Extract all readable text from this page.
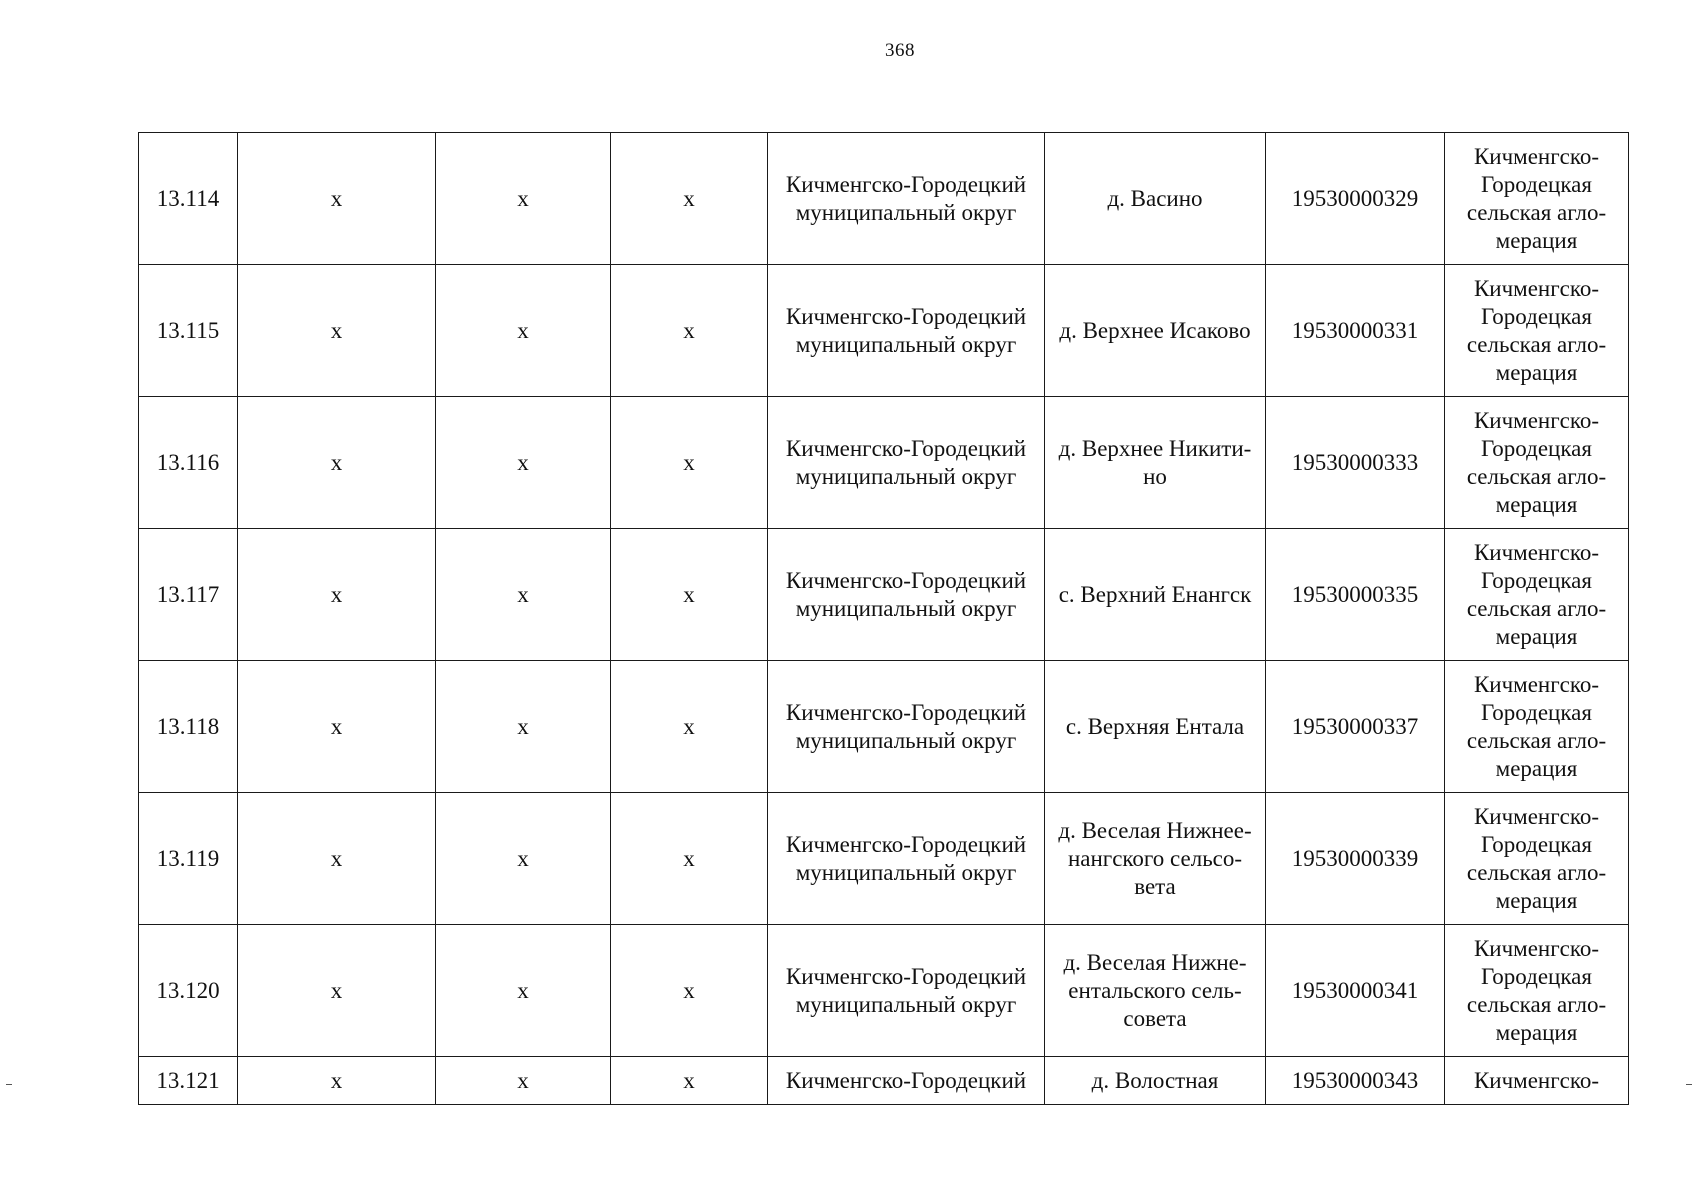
368
13.114	x	x	x	Кичменгско-Городецкий
муниципальный округ	д. Васино	19530000329	Кичменгско-
Городецкая
сельская агло-
мерация

13.115	x	x	x	Кичменгско-Городецкий
муниципальный округ	д. Верхнее Исаково	19530000331	Кичменгско-
Городецкая
сельская агло-
мерация

13.116	x	x	x	Кичменгско-Городецкий
муниципальный округ	д. Верхнее Никити-
но	19530000333	Кичменгско-
Городецкая
сельская агло-
мерация

13.117	x	x	x	Кичменгско-Городецкий
муниципальный округ	с. Верхний Енангск	19530000335	Кичменгско-
Городецкая
сельская агло-
мерация

13.118	x	x	x	Кичменгско-Городецкий
муниципальный округ	с. Верхняя Ентала	19530000337	Кичменгско-
Городецкая
сельская агло-
мерация

13.119	x	x	x	Кичменгско-Городецкий
муниципальный округ	д. Веселая Нижнее-
нангского сельсо-
вета	19530000339	Кичменгско-
Городецкая
сельская агло-
мерация

13.120	x	x	x	Кичменгско-Городецкий
муниципальный округ	д. Веселая Нижне-
ентальского сель-
совета	19530000341	Кичменгско-
Городецкая
сельская агло-
мерация

13.121	x	x	x	Кичменгско-Городецкий	д. Волостная	19530000343	Кичменгско-
